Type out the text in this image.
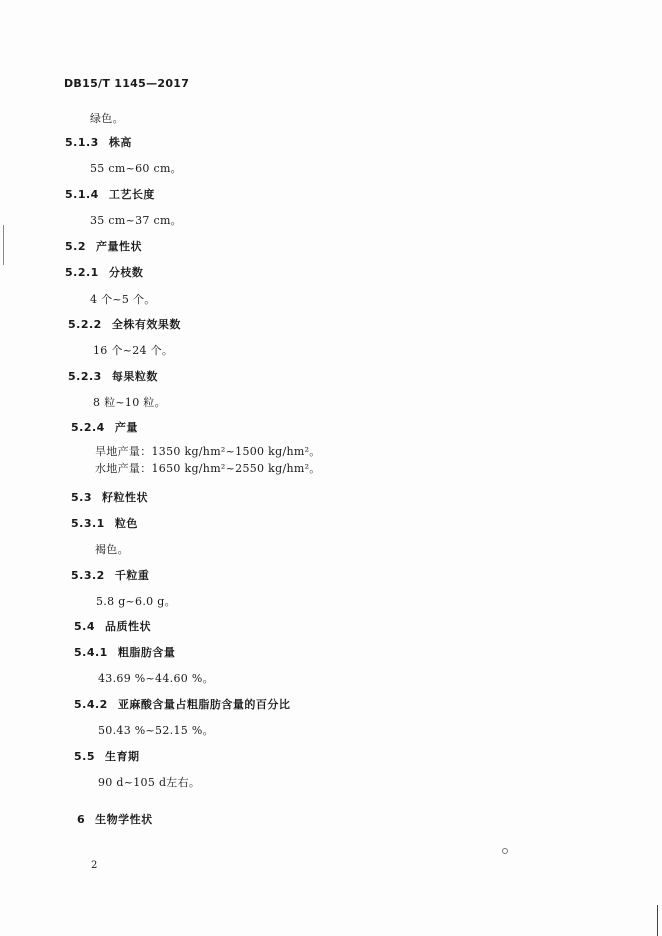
DB15/T 1145—2017
绿色。
5.1.3 株高
55 cm~60 cm。
5.1.4 工艺长度
35 cm~37 cm。
5.2 产量性状
5.2.1 分枝数
4 个~5 个。
5.2.2 全株有效果数
16 个~24 个。
5.2.3 每果粒数
8 粒~10 粒。
5.2.4 产量
旱地产量：1350 kg/hm²~1500 kg/hm²。
水地产量：1650 kg/hm²~2550 kg/hm²。
5.3 籽粒性状
5.3.1 粒色
褐色。
5.3.2 千粒重
5.8 g~6.0 g。
5.4 品质性状
5.4.1 粗脂肪含量
43.69 %~44.60 %。
5.4.2 亚麻酸含量占粗脂肪含量的百分比
50.43 %~52.15 %。
5.5 生育期
90 d~105 d左右。
6 生物学性状
2
